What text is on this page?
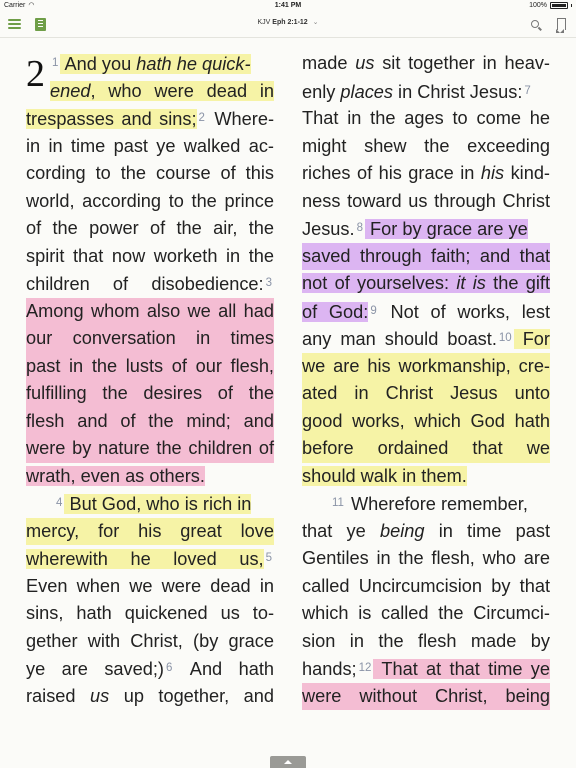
Carrier ◠	1:41 PM	100%
KJV Eph 2:1-12 ⌄
2 $^1$ And you hath he quick-
ened, who were dead in
trespasses and sins; $^2$ Where-
in in time past ye walked ac-
cording to the course of this
world, according to the prince
of the power of the air, the
spirit that now worketh in the
children of disobedience: $^3$
Among whom also we all had
our conversation in times
past in the lusts of our flesh,
fulfilling the desires of the
flesh and of the mind; and
were by nature the children of
wrath, even as others.
$^4$ But God, who is rich in
mercy, for his great love
wherewith he loved us, $^5$
Even when we were dead in
sins, hath quickened us to-
gether with Christ, (by grace
ye are saved;) $^6$ And hath
raised us up together, and
made us sit together in heav-
enly places in Christ Jesus: $^7$
That in the ages to come he
might shew the exceeding
riches of his grace in his kind-
ness toward us through Christ
Jesus. $^8$ For by grace are ye
saved through faith; and that
not of yourselves: it is the gift
of God: $^9$ Not of works, lest
any man should boast. $^{10}$ For
we are his workmanship, cre-
ated in Christ Jesus unto
good works, which God hath
before ordained that we
should walk in them.
$^{11}$ Wherefore remember,
that ye being in time past
Gentiles in the flesh, who are
called Uncircumcision by that
which is called the Circumci-
sion in the flesh made by
hands; $^{12}$ That at that time ye
were without Christ, being
